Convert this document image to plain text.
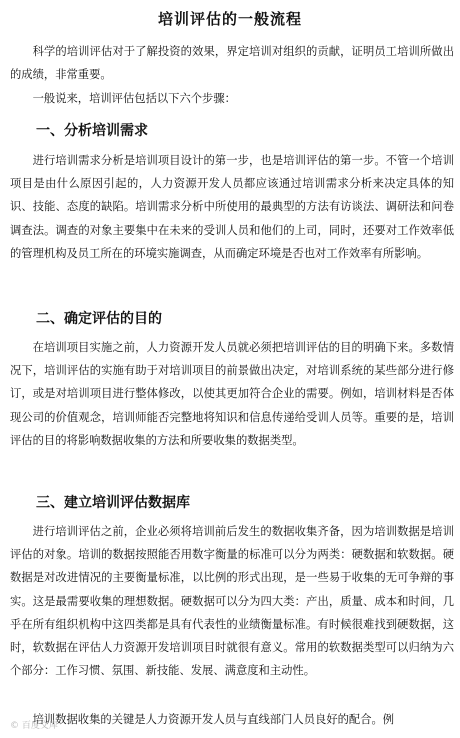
培训评估的一般流程

科学的培训评估对于了解投资的效果，界定培训对组织的贡献，证明员工培训所做出的成绩，非常重要。

一般说来，培训评估包括以下六个步骤：

一、分析培训需求

进行培训需求分析是培训项目设计的第一步，也是培训评估的第一步。不管一个培训项目是由什么原因引起的，人力资源开发人员都应该通过培训需求分析来决定具体的知识、技能、态度的缺陷。培训需求分析中所使用的最典型的方法有访谈法、调研法和问卷调查法。调查的对象主要集中在未来的受训人员和他们的上司，同时，还要对工作效率低的管理机构及员工所在的环境实施调查，从而确定环境是否也对工作效率有所影响。

二、确定评估的目的

在培训项目实施之前，人力资源开发人员就必须把培训评估的目的明确下来。多数情况下，培训评估的实施有助于对培训项目的前景做出决定，对培训系统的某些部分进行修订，或是对培训项目进行整体修改，以使其更加符合企业的需要。例如，培训材料是否体现公司的价值观念，培训师能否完整地将知识和信息传递给受训人员等。重要的是，培训评估的目的将影响数据收集的方法和所要收集的数据类型。

三、建立培训评估数据库

进行培训评估之前，企业必须将培训前后发生的数据收集齐备，因为培训数据是培训评估的对象。培训的数据按照能否用数字衡量的标准可以分为两类：硬数据和软数据。硬数据是对改进情况的主要衡量标准，以比例的形式出现，是一些易于收集的无可争辩的事实。这是最需要收集的理想数据。硬数据可以分为四大类：产出，质量、成本和时间，几乎在所有组织机构中这四类都是具有代表性的业绩衡量标准。有时候很难找到硬数据，这时，软数据在评估人力资源开发培训项目时就很有意义。常用的软数据类型可以归纳为六个部分：工作习惯、氛围、新技能、发展、满意度和主动性。

培训数据收集的关键是人力资源开发人员与直线部门人员良好的配合。例

© 百度文库
